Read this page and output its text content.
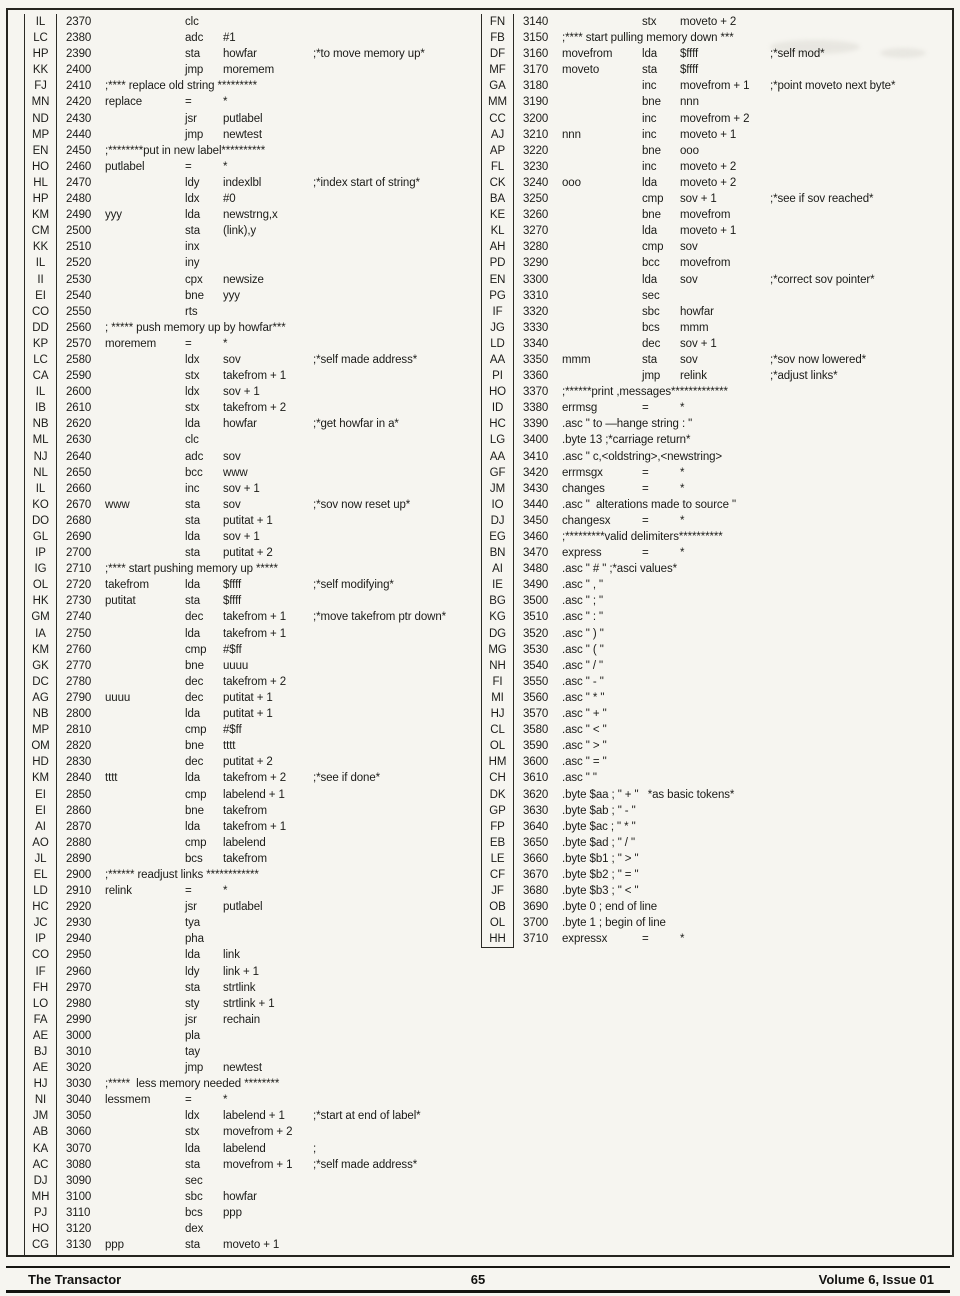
IL	2370	clc
LC	2380	adc	#1
HP	2390	sta	howfar	;*to move memory up*
KK	2400	jmp	moremem
FJ	2410	;**** replace old string *********
MN	2420	replace	=	*
ND	2430	jsr	putlabel
MP	2440	jmp	newtest
EN	2450	;********put in new label**********
HO	2460	putlabel	=	*
HL	2470	ldy	indexlbl	;*index start of string*
HP	2480	ldx	#0
KM	2490	yyy	lda	newstrng,x
CM	2500	sta	(link),y
KK	2510	inx
IL	2520	iny
II	2530	cpx	newsize
EI	2540	bne	yyy
CO	2550	rts
DD	2560	; ***** push memory up by howfar***
KP	2570	moremem	=	*
LC	2580	ldx	sov	;*self made address*
CA	2590	stx	takefrom + 1
IL	2600	ldx	sov + 1
IB	2610	stx	takefrom + 2
NB	2620	lda	howfar	;*get howfar in a*
ML	2630	clc
NJ	2640	adc	sov
NL	2650	bcc	www
IL	2660	inc	sov + 1
KO	2670	www	sta	sov	;*sov now reset up*
DO	2680	sta	putitat + 1
GL	2690	lda	sov + 1
IP	2700	sta	putitat + 2
IG	2710	;**** start pushing memory up *****
OL	2720	takefrom	lda	$ffff	;*self modifying*
HK	2730	putitat	sta	$ffff
GM	2740	dec	takefrom + 1	;*move takefrom ptr down*
IA	2750	lda	takefrom + 1
KM	2760	cmp	#$ff
GK	2770	bne	uuuu
DC	2780	dec	takefrom + 2
AG	2790	uuuu	dec	putitat + 1
NB	2800	lda	putitat + 1
MP	2810	cmp	#$ff
OM	2820	bne	tttt
HD	2830	dec	putitat + 2
KM	2840	tttt	lda	takefrom + 2	;*see if done*
EI	2850	cmp	labelend + 1
EI	2860	bne	takefrom
AI	2870	lda	takefrom + 1
AO	2880	cmp	labelend
JL	2890	bcs	takefrom
EL	2900	;****** readjust links ************
LD	2910	relink	=	*
HC	2920	jsr	putlabel
JC	2930	tya
IP	2940	pha
CO	2950	lda	link
IF	2960	ldy	link + 1
FH	2970	sta	strtlink
LO	2980	sty	strtlink + 1
FA	2990	jsr	rechain
AE	3000	pla
BJ	3010	tay
AE	3020	jmp	newtest
HJ	3030	;*****  less memory needed ********
NI	3040	lessmem	=	*
JM	3050	ldx	labelend + 1	;*start at end of label*
AB	3060	stx	movefrom + 2
KA	3070	lda	labelend	;
AC	3080	sta	movefrom + 1	;*self made address*
DJ	3090	sec
MH	3100	sbc	howfar
PJ	3110	bcs	ppp
HO	3120	dex
CG	3130	ppp	sta	moveto + 1
FN	3140	stx	moveto + 2
FB	3150	;**** start pulling memory down ***
DF	3160	movefrom	lda	$ffff	;*self mod*
MF	3170	moveto	sta	$ffff
GA	3180	inc	movefrom + 1	;*point moveto next byte*
MM	3190	bne	nnn
CC	3200	inc	movefrom + 2
AJ	3210	nnn	inc	moveto + 1
AP	3220	bne	ooo
FL	3230	inc	moveto + 2
CK	3240	ooo	lda	moveto + 2
BA	3250	cmp	sov + 1	;*see if sov reached*
KE	3260	bne	movefrom
KL	3270	lda	moveto + 1
AH	3280	cmp	sov
PD	3290	bcc	movefrom
EN	3300	lda	sov	;*correct sov pointer*
PG	3310	sec
IF	3320	sbc	howfar
JG	3330	bcs	mmm
LD	3340	dec	sov + 1
AA	3350	mmm	sta	sov	;*sov now lowered*
PI	3360	jmp	relink	;*adjust links*
HO	3370	;******print ,messages*************
ID	3380	errmsg	=	*
HC	3390	.asc " to —hange string : "
LG	3400	.byte 13 ;*carriage return*
AA	3410	.asc " c,<oldstring>,<newstring>
GF	3420	errmsgx	=	*
JM	3430	changes	=	*
IO	3440	.asc "  alterations made to source "
DJ	3450	changesx	=	*
EG	3460	;*********valid delimiters**********
BN	3470	express	=	*
AI	3480	.asc " # " ;*asci values*
IE	3490	.asc " , "
BG	3500	.asc " ; "
KG	3510	.asc " : "
DG	3520	.asc " ) "
MG	3530	.asc " ( "
NH	3540	.asc " / "
FI	3550	.asc " - "
MI	3560	.asc " * "
HJ	3570	.asc " + "
CL	3580	.asc " < "
OL	3590	.asc " > "
HM	3600	.asc " = "
CH	3610	.asc " "
DK	3620	.byte $aa ; " + "   *as basic tokens*
GP	3630	.byte $ab ; " - "
FP	3640	.byte $ac ; " * "
EB	3650	.byte $ad ; " / "
LE	3660	.byte $b1 ; " > "
CF	3670	.byte $b2 ; " = "
JF	3680	.byte $b3 ; " < "
OB	3690	.byte 0 ; end of line
OL	3700	.byte 1 ; begin of line
HH	3710	expressx	=	*
The Transactor	65	Volume 6, Issue 01
